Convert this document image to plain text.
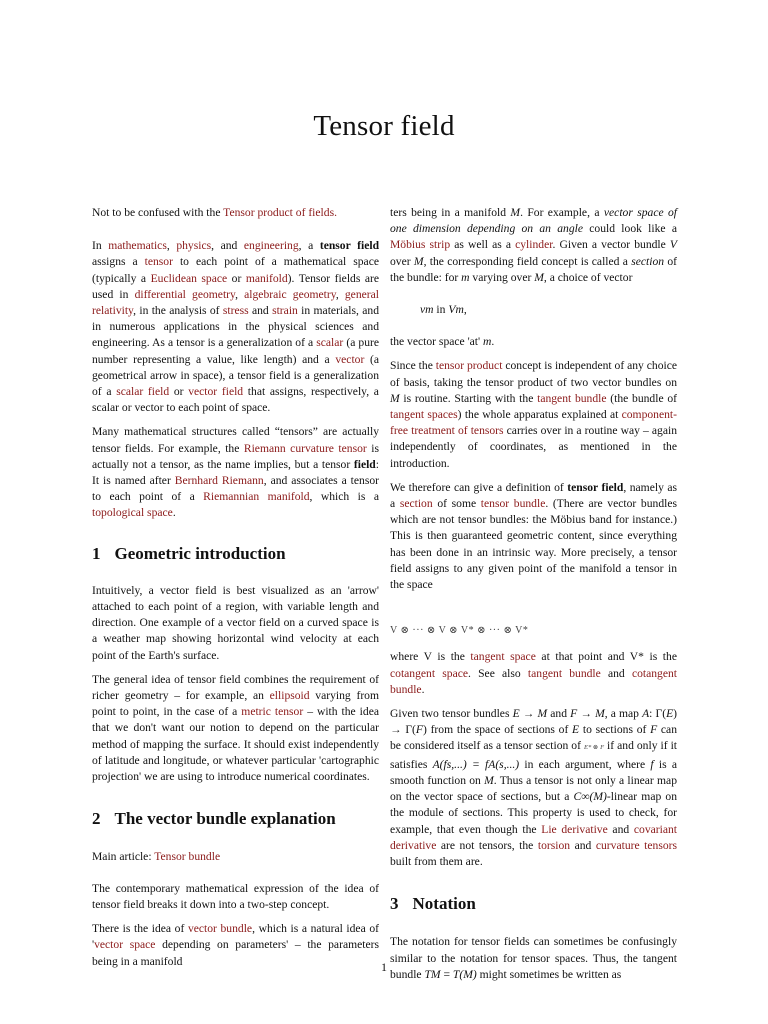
Tensor field

Not to be confused with the Tensor product of fields.

In mathematics, physics, and engineering, a tensor field assigns a tensor to each point of a mathematical space (typically a Euclidean space or manifold). Tensor fields are used in differential geometry, algebraic geometry, general relativity, in the analysis of stress and strain in materials, and in numerous applications in the physical sciences and engineering. As a tensor is a generalization of a scalar (a pure number representing a value, like length) and a vector (a geometrical arrow in space), a tensor field is a generalization of a scalar field or vector field that assigns, respectively, a scalar or vector to each point of space.

Many mathematical structures called “tensors” are actually tensor fields. For example, the Riemann curvature tensor is actually not a tensor, as the name implies, but a tensor field: It is named after Bernhard Riemann, and associates a tensor to each point of a Riemannian manifold, which is a topological space.

1 Geometric introduction

Intuitively, a vector field is best visualized as an 'arrow' attached to each point of a region, with variable length and direction. One example of a vector field on a curved space is a weather map showing horizontal wind velocity at each point of the Earth's surface.

The general idea of tensor field combines the requirement of richer geometry – for example, an ellipsoid varying from point to point, in the case of a metric tensor – with the idea that we don't want our notion to depend on the particular method of mapping the surface. It should exist independently of latitude and longitude, or whatever particular 'cartographic projection' we are using to introduce numerical coordinates.

2 The vector bundle explanation

Main article: Tensor bundle

The contemporary mathematical expression of the idea of tensor field breaks it down into a two-step concept.

There is the idea of vector bundle, which is a natural idea of 'vector space depending on parameters' – the parameters being in a manifold

ters being in a manifold M. For example, a vector space of one dimension depending on an angle could look like a Möbius strip as well as a cylinder. Given a vector bundle V over M, the corresponding field concept is called a section of the bundle: for m varying over M, a choice of vector

vm in Vm,

the vector space 'at' m.

Since the tensor product concept is independent of any choice of basis, taking the tensor product of two vector bundles on M is routine. Starting with the tangent bundle (the bundle of tangent spaces) the whole apparatus explained at component-free treatment of tensors carries over in a routine way – again independently of coordinates, as mentioned in the introduction.

We therefore can give a definition of tensor field, namely as a section of some tensor bundle. (There are vector bundles which are not tensor bundles: the Möbius band for instance.) This is then guaranteed geometric content, since everything has been done in an intrinsic way. More precisely, a tensor field assigns to any given point of the manifold a tensor in the space

V ⊗ ··· ⊗ V ⊗ V* ⊗ ··· ⊗ V*

where V is the tangent space at that point and V* is the cotangent space. See also tangent bundle and cotangent bundle.

Given two tensor bundles E → M and F → M, a map A: Γ(E) → Γ(F) from the space of sections of E to sections of F can be considered itself as a tensor section of E* ⊗ F if and only if it satisfies A(fs,...) = fA(s,...) in each argument, where f is a smooth function on M. Thus a tensor is not only a linear map on the vector space of sections, but a C∞(M)-linear map on the module of sections. This property is used to check, for example, that even though the Lie derivative and covariant derivative are not tensors, the torsion and curvature tensors built from them are.

3 Notation

The notation for tensor fields can sometimes be confusingly similar to the notation for tensor spaces. Thus, the tangent bundle TM = T(M) might sometimes be written as

1
